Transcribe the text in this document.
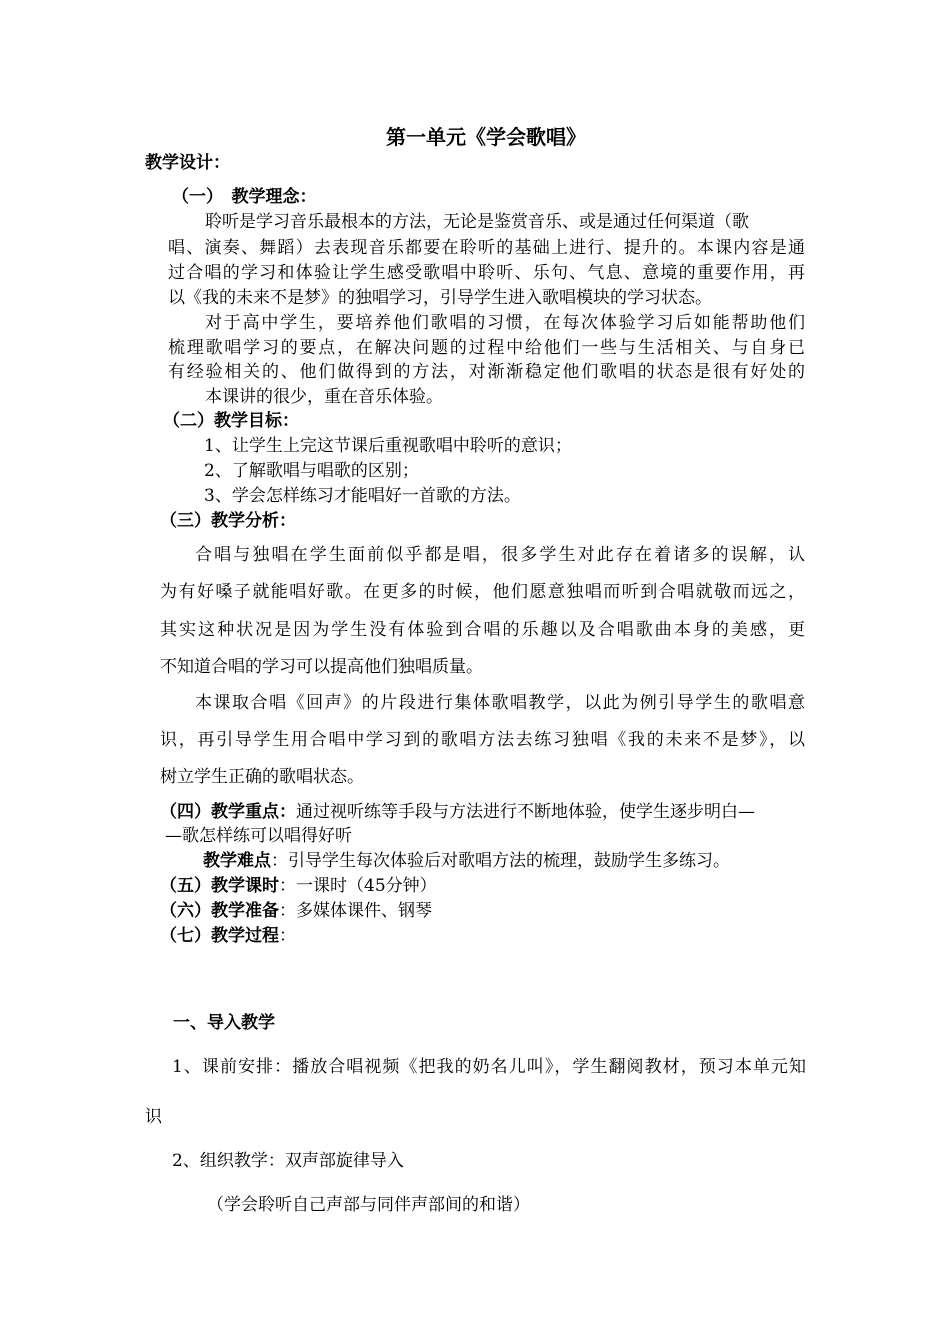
第一单元《学会歌唱》
教学设计：
（一）　教学理念：
聆听是学习音乐最根本的方法，无论是鉴赏音乐、或是通过任何渠道（歌
唱、演奏、舞蹈）去表现音乐都要在聆听的基础上进行、提升的。本课内容是通
过合唱的学习和体验让学生感受歌唱中聆听、乐句、气息、意境的重要作用，再
以《我的未来不是梦》的独唱学习，引导学生进入歌唱模块的学习状态。
对于高中学生，要培养他们歌唱的习惯，在每次体验学习后如能帮助他们
梳理歌唱学习的要点，在解决问题的过程中给他们一些与生活相关、与自身已
有经验相关的、他们做得到的方法，对渐渐稳定他们歌唱的状态是很有好处的
本课讲的很少，重在音乐体验。
（二）教学目标：
1、让学生上完这节课后重视歌唱中聆听的意识；
2、了解歌唱与唱歌的区别；
3、学会怎样练习才能唱好一首歌的方法。
（三）教学分析：
合唱与独唱在学生面前似乎都是唱，很多学生对此存在着诸多的误解，认
为有好嗓子就能唱好歌。在更多的时候，他们愿意独唱而听到合唱就敬而远之，
其实这种状况是因为学生没有体验到合唱的乐趣以及合唱歌曲本身的美感，更
不知道合唱的学习可以提高他们独唱质量。
本课取合唱《回声》的片段进行集体歌唱教学，以此为例引导学生的歌唱意
识，再引导学生用合唱中学习到的歌唱方法去练习独唱《我的未来不是梦》，以
树立学生正确的歌唱状态。
（四）教学重点：通过视听练等手段与方法进行不断地体验，使学生逐步明白—
—歌怎样练可以唱得好听
教学难点：引导学生每次体验后对歌唱方法的梳理，鼓励学生多练习。
（五）教学课时：一课时（45分钟）
（六）教学准备：多媒体课件、钢琴
（七）教学过程：
一、导入教学
1、课前安排：播放合唱视频《把我的奶名儿叫》，学生翻阅教材，预习本单元知
识
2、组织教学：双声部旋律导入
（学会聆听自己声部与同伴声部间的和谐）
